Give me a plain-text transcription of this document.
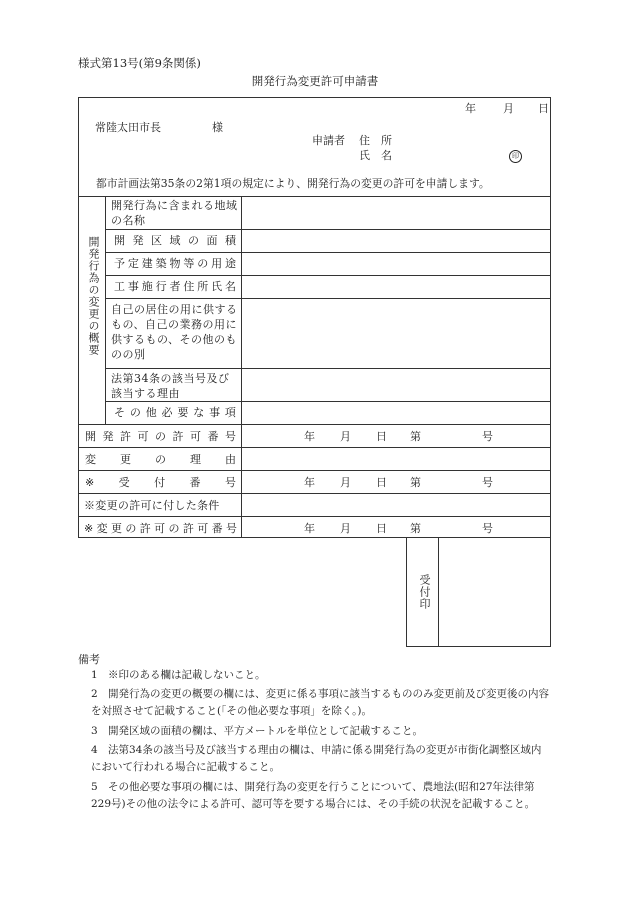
様式第13号(第9条関係)
開発行為変更許可申請書
年 月 日
常陸太田市長	様
申請者 住　所
氏　名	印
都市計画法第35条の2第1項の規定により、開発行為の変更の許可を申請します。
開発行為の変更の概要
開発行為に含まれる地域の名称
開 発 区 域 の 面 積
予 定 建 築 物 等 の 用 途
工 事 施 行 者 住 所 氏 名
自己の居住の用に供するもの、自己の業務の用に供するもの、その他のものの別
法第34条の該当号及び該当する理由
そ の 他 必 要 な 事 項
開 発 許 可 の 許 可 番 号	年 月 日 第	号
変 更 の 理 由
※ 受 付 番 号	年 月 日 第	号
※変更の許可に付した条件
※ 変 更 の 許 可 の 許 可 番 号	年 月 日 第	号
受付印
備考
1 ※印のある欄は記載しないこと。
2 開発行為の変更の概要の欄には、変更に係る事項に該当するもののみ変更前及び変更後の内容を対照させて記載すること(「その他必要な事項」を除く。)。
3 開発区域の面積の欄は、平方メートルを単位として記載すること。
4 法第34条の該当号及び該当する理由の欄は、申請に係る開発行為の変更が市街化調整区域内において行われる場合に記載すること。
5 その他必要な事項の欄には、開発行為の変更を行うことについて、農地法(昭和27年法律第229号)その他の法令による許可、認可等を要する場合には、その手続の状況を記載すること。
